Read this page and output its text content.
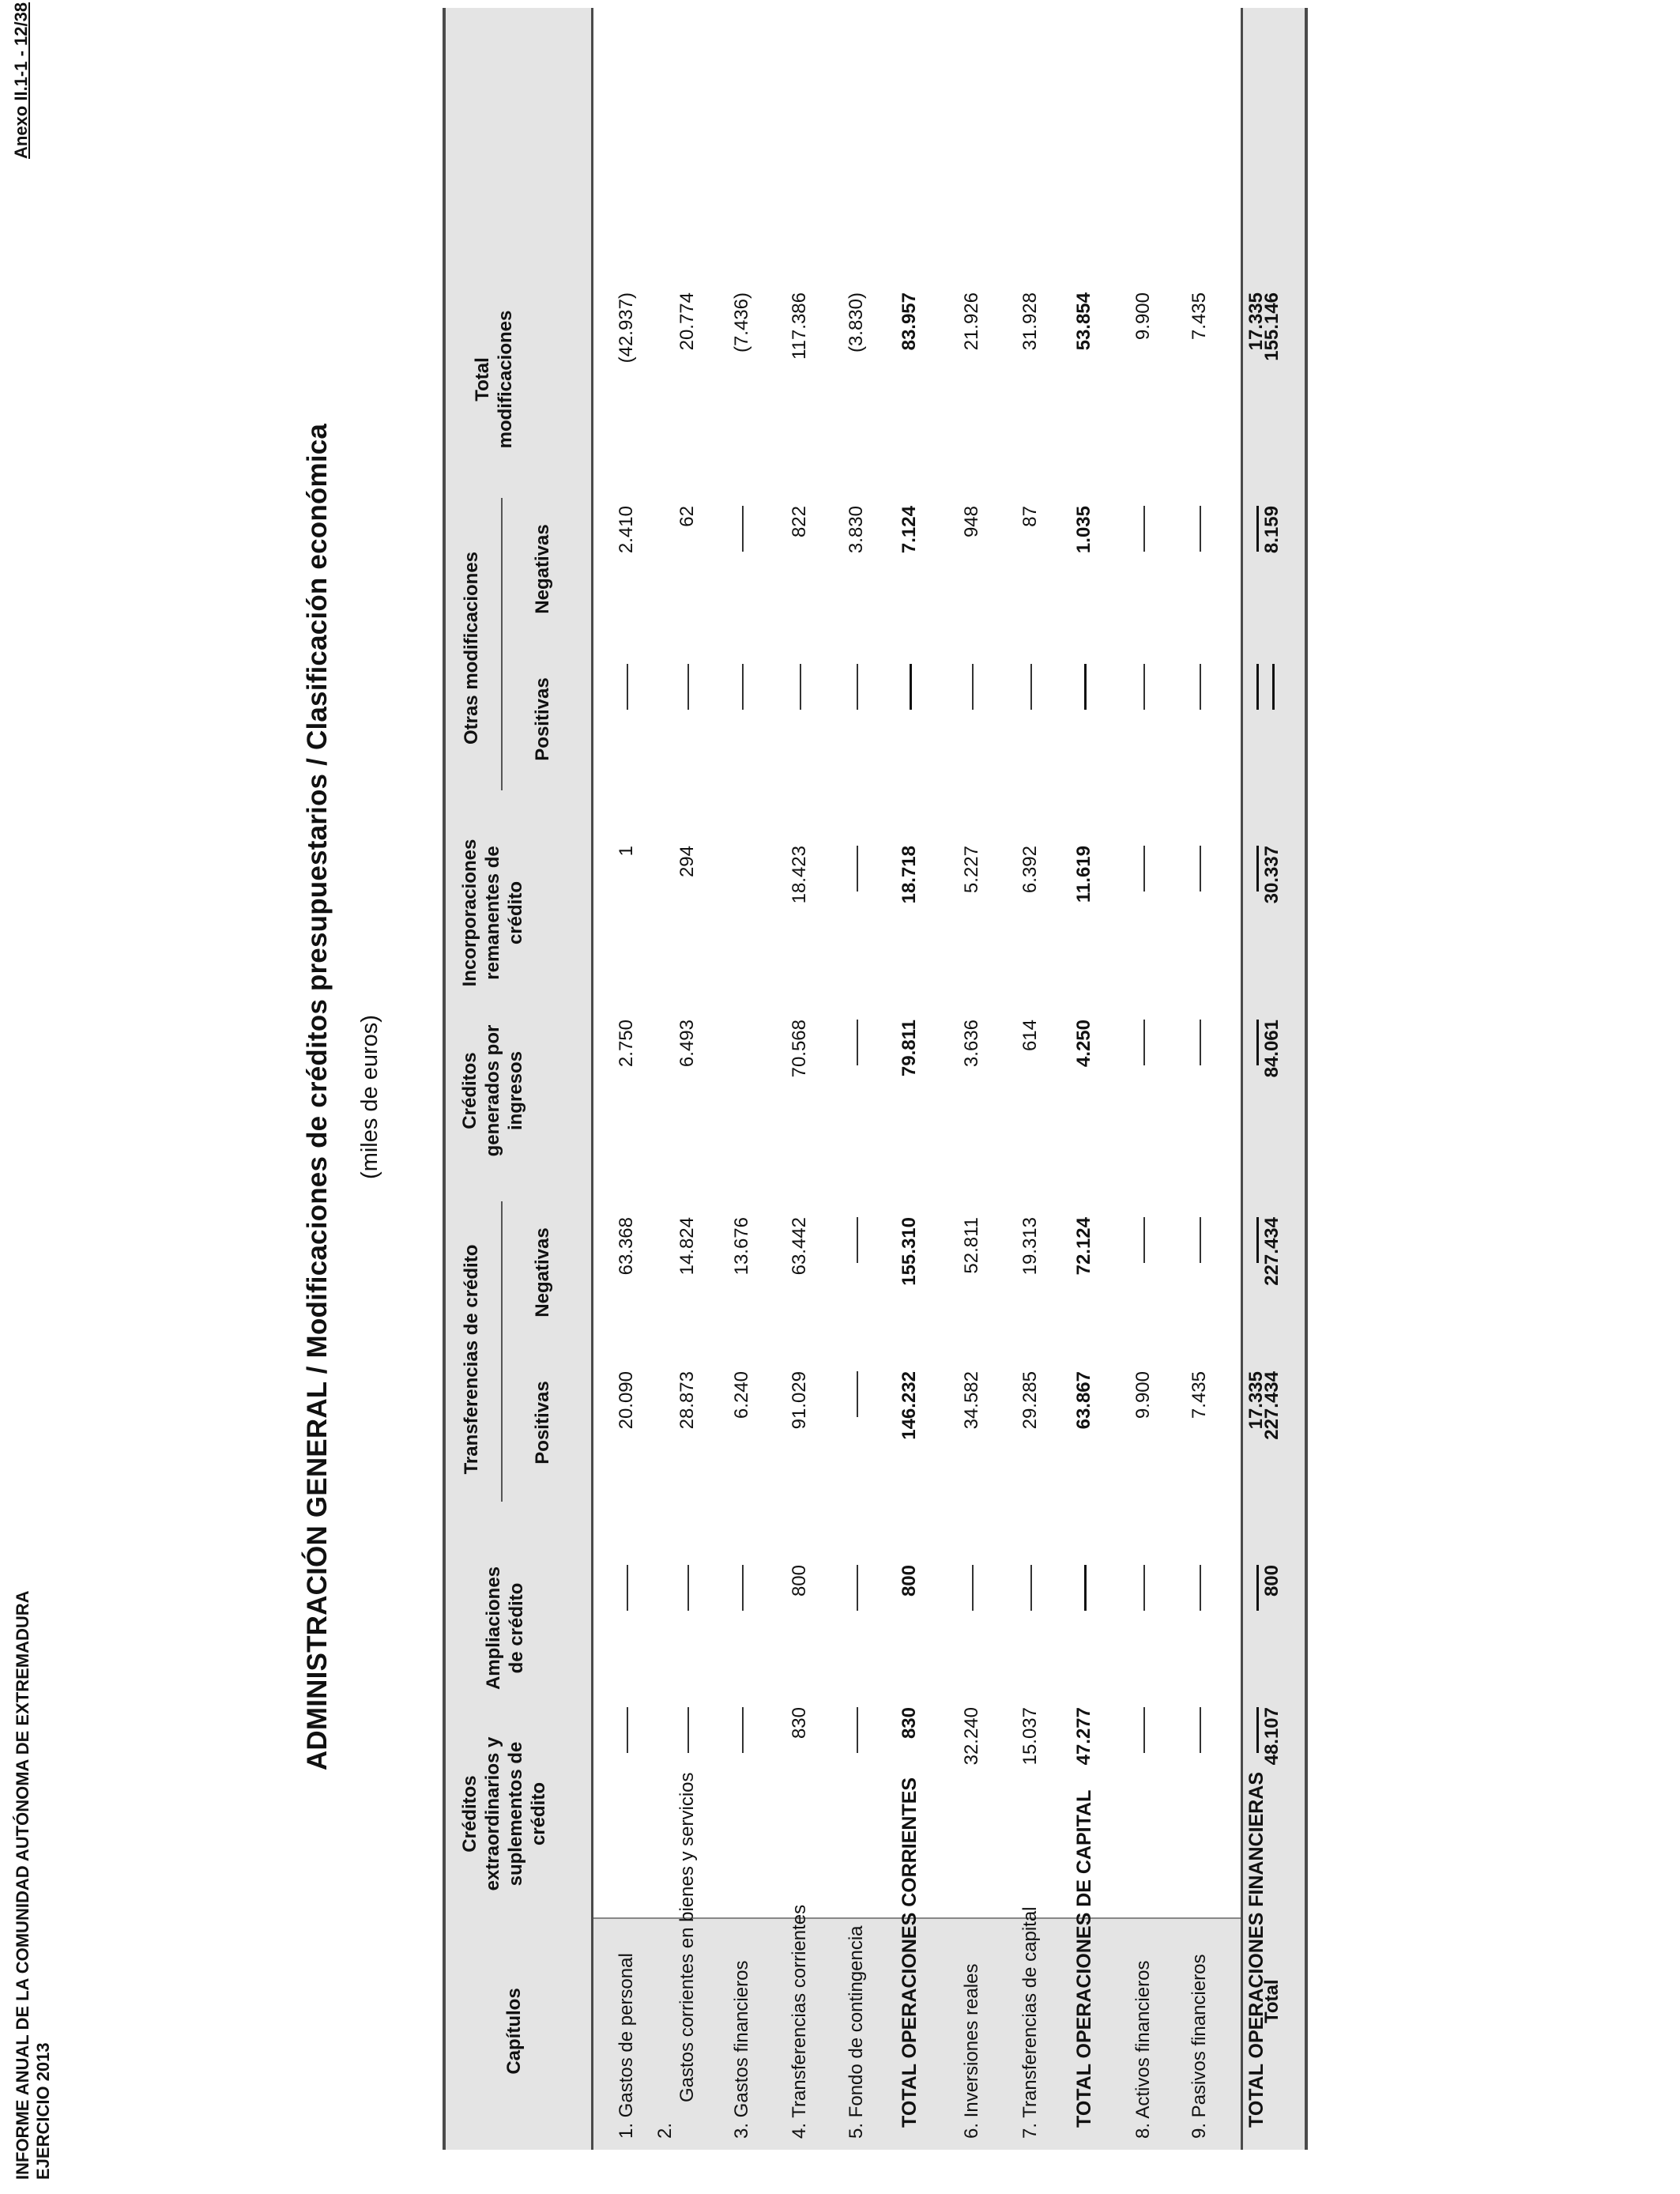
INFORME ANUAL DE LA COMUNIDAD AUTÓNOMA DE EXTREMADURA EJERCICIO 2013
Anexo II.1-1 - 12/38
ADMINISTRACIÓN GENERAL / Modificaciones de créditos presupuestarios / Clasificación económica (miles de euros)
Capítulos
Créditos extraordinarios y suplementos de crédito
Ampliaciones de crédito
Transferencias de crédito	Positivas
Negativas
Créditos generados por ingresos
Incorporaciones remanentes de crédito
Otras modificaciones	Positivas
Negativas
Total modificaciones
1. Gastos de personal
20.090
63.368
2.750
1
2.410
(42.937)
2.
Gastos corrientes en bienes y servicios
28.873
14.824
6.493
294
62
20.774
3. Gastos financieros
6.240
13.676
(7.436)
4. Transferencias corrientes
830
800
91.029
63.442
70.568
18.423
822
117.386
5. Fondo de contingencia
3.830
(3.830)
TOTAL OPERACIONES CORRIENTES
830
800
146.232
155.310
79.811
18.718
7.124
83.957
6. Inversiones reales
32.240
34.582
52.811
3.636
5.227
948
21.926
7. Transferencias de capital
15.037
29.285
19.313
614
6.392
87
31.928
TOTAL OPERACIONES DE CAPITAL
47.277
63.867
72.124
4.250
11.619
1.035
53.854
8. Activos financieros
9.900
9.900
9. Pasivos financieros
7.435
7.435
TOTAL OPERACIONES FINANCIERAS
17.335
17.335
Total
48.107
800
227.434
227.434
84.061
30.337
8.159
155.146
